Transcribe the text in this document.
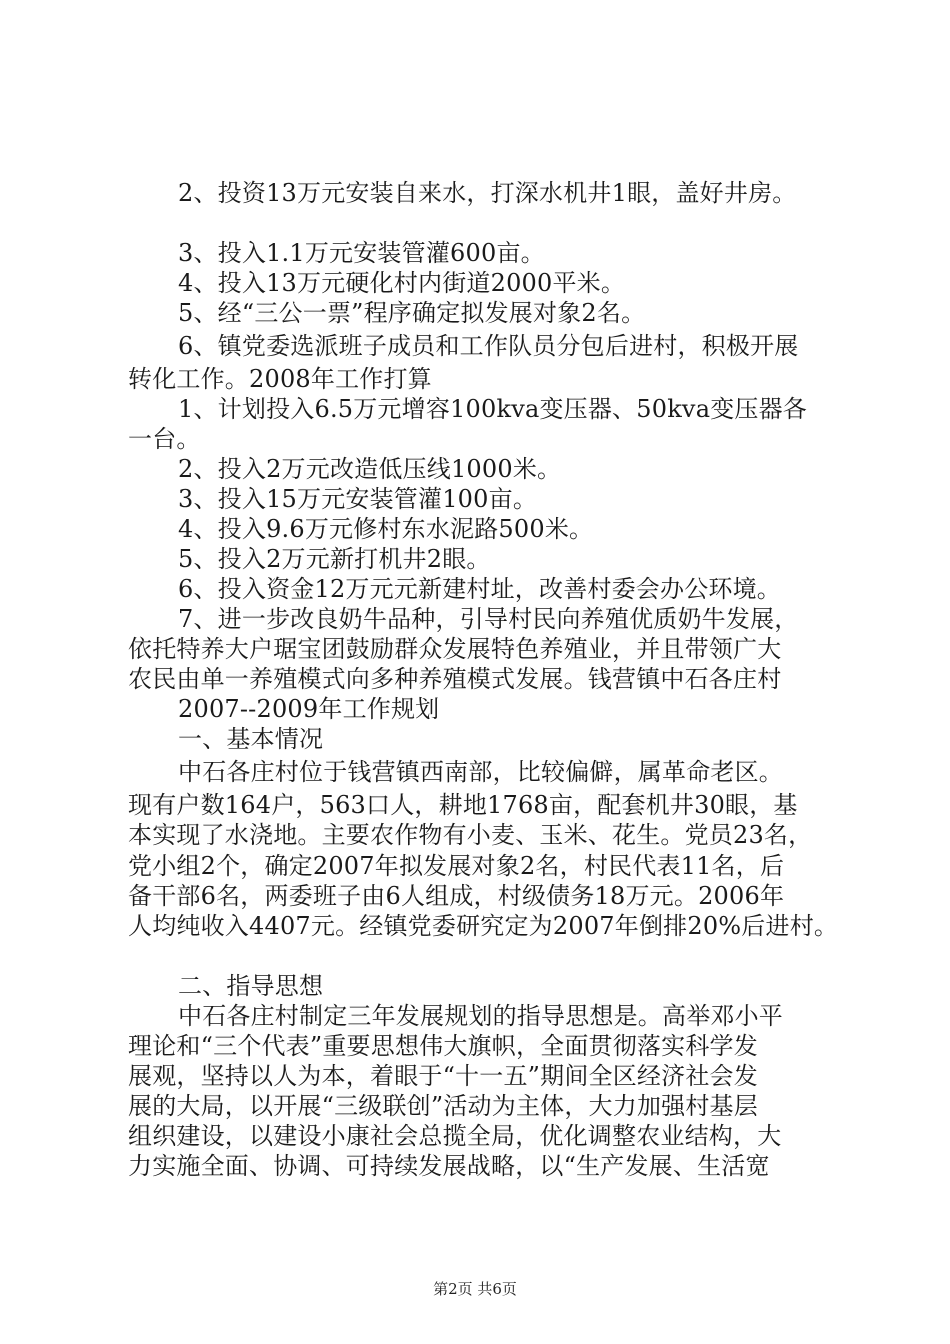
2、投资13万元安装自来水，打深水机井1眼，盖好井房。
3、投入1.1万元安装管灌600亩。
4、投入13万元硬化村内街道2000平米。
5、经“三公一票”程序确定拟发展对象2名。
6、镇党委选派班子成员和工作队员分包后进村，积极开展
转化工作。2008年工作打算
1、计划投入6.5万元增容100kva变压器、50kva变压器各
一台。
2、投入2万元改造低压线1000米。
3、投入15万元安装管灌100亩。
4、投入9.6万元修村东水泥路500米。
5、投入2万元新打机井2眼。
6、投入资金12万元元新建村址，改善村委会办公环境。
7、进一步改良奶牛品种，引导村民向养殖优质奶牛发展，
依托特养大户琚宝团鼓励群众发展特色养殖业，并且带领广大
农民由单一养殖模式向多种养殖模式发展。钱营镇中石各庄村
2007--2009年工作规划
一、基本情况
中石各庄村位于钱营镇西南部，比较偏僻，属革命老区。
现有户数164户，563口人，耕地1768亩，配套机井30眼，基
本实现了水浇地。主要农作物有小麦、玉米、花生。党员23名，
党小组2个，确定2007年拟发展对象2名，村民代表11名，后
备干部6名，两委班子由6人组成，村级债务18万元。2006年
人均纯收入4407元。经镇党委研究定为2007年倒排20%后进村。
二、指导思想
中石各庄村制定三年发展规划的指导思想是。高举邓小平
理论和“三个代表”重要思想伟大旗帜，全面贯彻落实科学发
展观，坚持以人为本，着眼于“十一五”期间全区经济社会发
展的大局，以开展“三级联创”活动为主体，大力加强村基层
组织建设，以建设小康社会总揽全局，优化调整农业结构，大
力实施全面、协调、可持续发展战略，以“生产发展、生活宽
第2页 共6页
